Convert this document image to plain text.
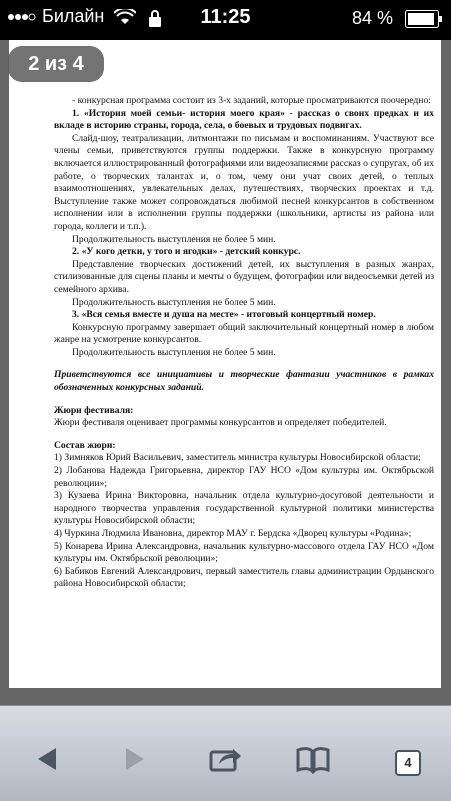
Билайн	11:25	84 %

- конкурсная программа состоит из 3-х заданий, которые просматриваются поочередно:

1. «История моей семьи- история моего края» - рассказ о своих предках и их вкладе в историю страны, города, села, о боевых и трудовых подвигах.

Слайд-шоу, театрализации, литмонтажи по письмам и воспоминаниям. Участвуют все члены семьи, приветствуются группы поддержки. Также в конкурсную программу включается иллюстрированный фотографиями или видеозаписями рассказ о супругах, об их работе, о творческих талантах и, о том, чему они учат своих детей, о теплых взаимоотношениях, увлекательных делах, путешествиях, творческих проектах и т.д. Выступление также может сопровождаться любимой песней конкурсантов в собственном исполнении или в исполнении группы поддержки (школьники, артисты из района или города, коллеги и т.п.).

Продолжительность выступления не более 5 мин.

2. «У кого детки, у того и ягодки» - детский конкурс.

Представление творческих достижений детей, их выступления в разных жанрах, стилизованные для сцены планы и мечты о будущем, фотографии или видеосъемки детей из семейного архива.

Продолжительность выступления не более 5 мин.

3. «Вся семья вместе и душа на месте» - итоговый концертный номер.

Конкурсную программу завершает общий заключительный концертный номер в любом жанре на усмотрение конкурсантов.

Продолжительность выступления не более 5 мин.

Приветствуются все инициативы и творческие фантазии участников в рамках обозначенных конкурсных заданий.

Жюри фестиваля:

Жюри фестиваля оценивает программы конкурсантов и определяет победителей.

Состав жюри:

1) Зимняков Юрий Васильевич, заместитель министра культуры Новосибирской области;

2) Лобанова Надежда Григорьевна, директор ГАУ НСО «Дом культуры им. Октябрьской революции»;

3) Кузаева Ирина Викторовна, начальник отдела культурно-досуговой деятельности и народного творчества управления государственной культурной политики министерства культуры Новосибирской области;

4) Чуркина Людмила Ивановна, директор МАУ г. Бердска «Дворец культуры «Родина»;

5) Конарева Ирина Александровна, начальник культурно-массового отдела ГАУ НСО «Дом культуры им. Октябрьской революции»;

6) Бабиков Евгений Александрович, первый заместитель главы администрации Ордынского района Новосибирской области;

2 из 4
4
